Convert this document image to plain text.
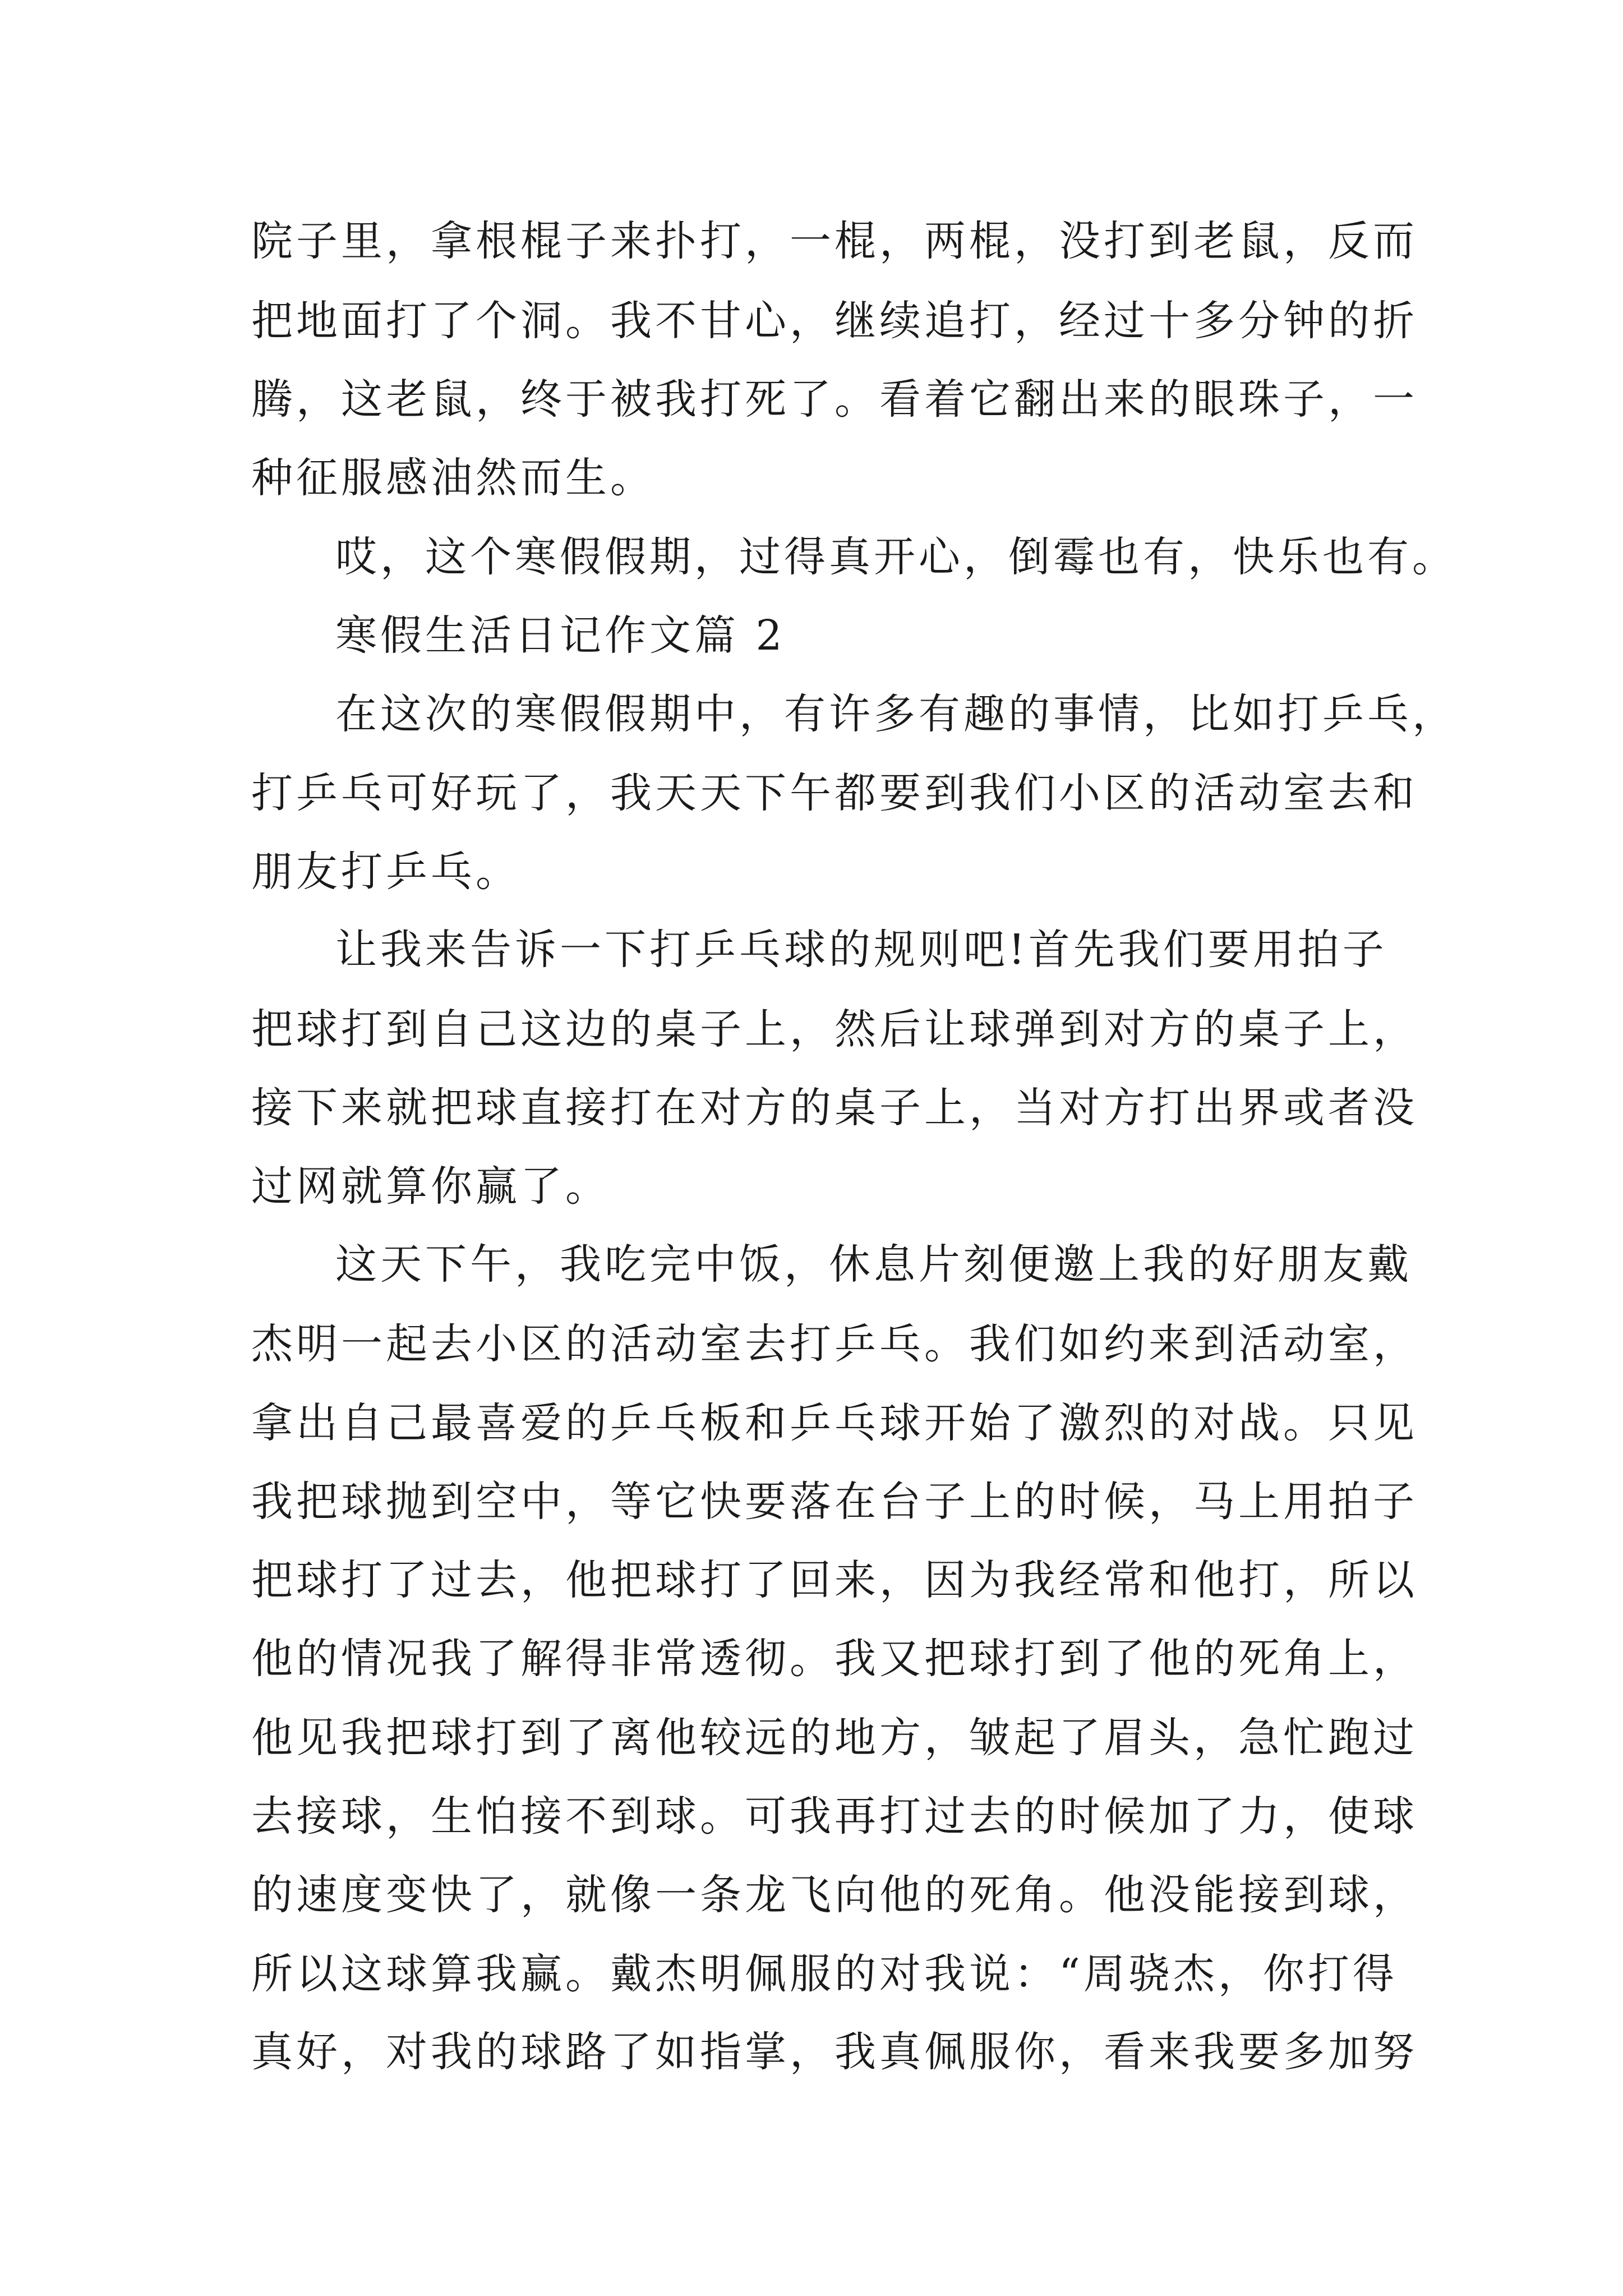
院子里，拿根棍子来扑打，一棍，两棍，没打到老鼠，反而
把地面打了个洞。我不甘心，继续追打，经过十多分钟的折
腾，这老鼠，终于被我打死了。看着它翻出来的眼珠子，一
种征服感油然而生。
哎，这个寒假假期，过得真开心，倒霉也有，快乐也有。
寒假生活日记作文篇 2
在这次的寒假假期中，有许多有趣的事情，比如打乒乓，
打乒乓可好玩了，我天天下午都要到我们小区的活动室去和
朋友打乒乓。
让我来告诉一下打乒乓球的规则吧!首先我们要用拍子
把球打到自己这边的桌子上，然后让球弹到对方的桌子上，
接下来就把球直接打在对方的桌子上，当对方打出界或者没
过网就算你赢了。
这天下午，我吃完中饭，休息片刻便邀上我的好朋友戴
杰明一起去小区的活动室去打乒乓。我们如约来到活动室，
拿出自己最喜爱的乒乓板和乒乓球开始了激烈的对战。只见
我把球抛到空中，等它快要落在台子上的时候，马上用拍子
把球打了过去，他把球打了回来，因为我经常和他打，所以
他的情况我了解得非常透彻。我又把球打到了他的死角上，
他见我把球打到了离他较远的地方，皱起了眉头，急忙跑过
去接球，生怕接不到球。可我再打过去的时候加了力，使球
的速度变快了，就像一条龙飞向他的死角。他没能接到球，
所以这球算我赢。戴杰明佩服的对我说：“周骁杰，你打得
真好，对我的球路了如指掌，我真佩服你，看来我要多加努
